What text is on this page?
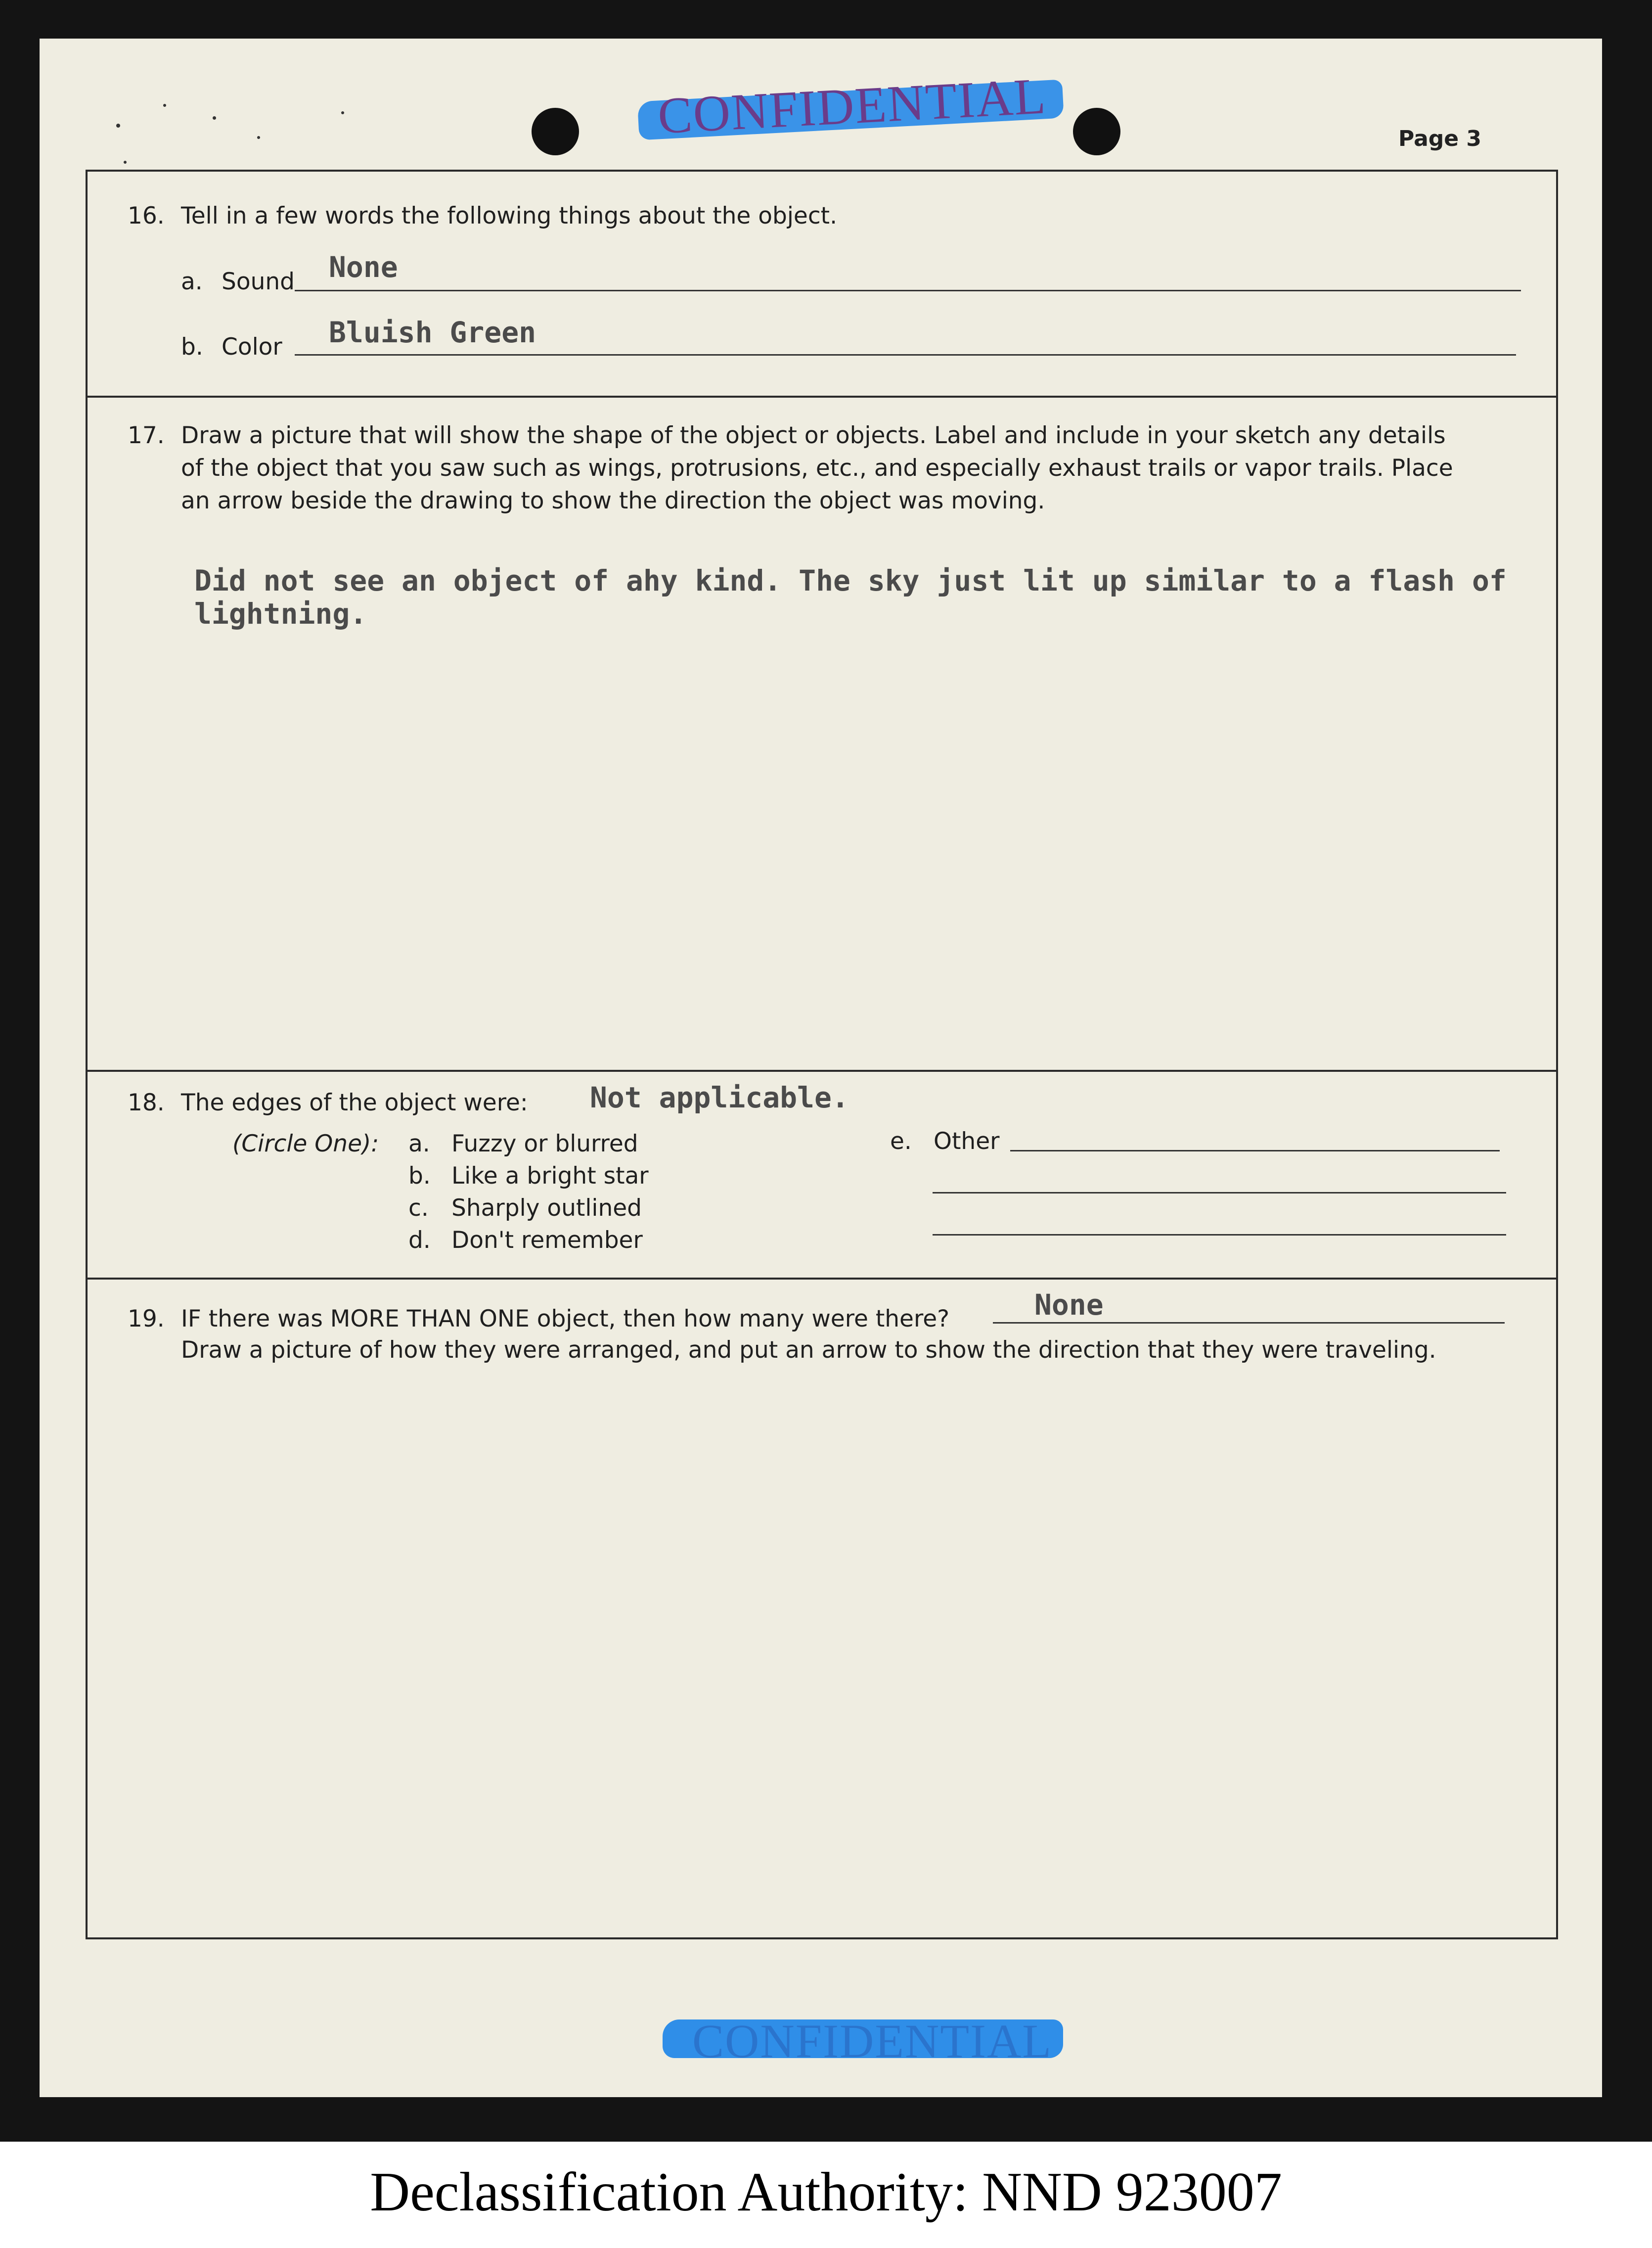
CONFIDENTIAL	Page 3
16. Tell in a few words the following things about the object.
a. Sound None
b. Color Bluish Green
17. Draw a picture that will show the shape of the object or objects. Label and include in your sketch any details
of the object that you saw such as wings, protrusions, etc., and especially exhaust trails or vapor trails. Place
an arrow beside the drawing to show the direction the object was moving.
Did not see an object of ahy kind. The sky just lit up similar to a flash of
lightning.
18. The edges of the object were: Not applicable.
(Circle One): a. Fuzzy or blurred
b. Like a bright star
c. Sharply outlined
d. Don't remember
e. Other
19. IF there was MORE THAN ONE object, then how many were there?	None
Draw a picture of how they were arranged, and put an arrow to show the direction that they were traveling.
CONFIDENTIAL
Declassification Authority: NND 923007
